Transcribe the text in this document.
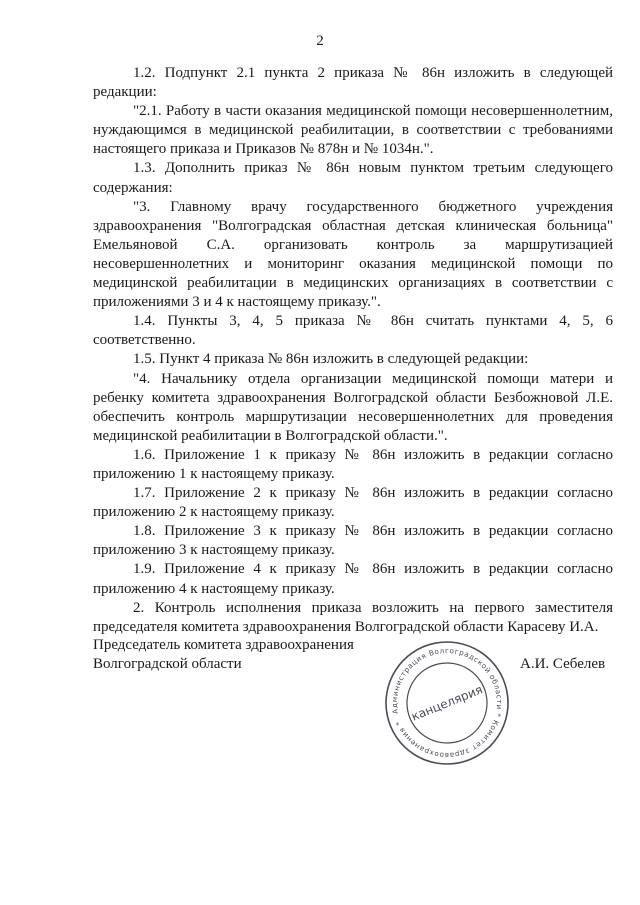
2

1.2. Подпункт 2.1 пункта 2 приказа № 86н изложить в следующей редакции:

"2.1. Работу в части оказания медицинской помощи несовершеннолетним, нуждающимся в медицинской реабилитации, в соответствии с требованиями настоящего приказа и Приказов № 878н и № 1034н.".

1.3. Дополнить приказ № 86н новым пунктом третьим следующего содержания:

"3. Главному врачу государственного бюджетного учреждения здравоохранения "Волгоградская областная детская клиническая больница" Емельяновой С.А. организовать контроль за маршрутизацией несовершеннолетних и мониторинг оказания медицинской помощи по медицинской реабилитации в медицинских организациях в соответствии с приложениями 3 и 4 к настоящему приказу.".

1.4. Пункты 3, 4, 5 приказа № 86н считать пунктами 4, 5, 6 соответственно.

1.5. Пункт 4 приказа № 86н изложить в следующей редакции:

"4. Начальнику отдела организации медицинской помощи матери и ребенку комитета здравоохранения Волгоградской области Безбожновой Л.Е. обеспечить контроль маршрутизации несовершеннолетних для проведения медицинской реабилитации в Волгоградской области.".

1.6. Приложение 1 к приказу № 86н изложить в редакции согласно приложению 1 к настоящему приказу.

1.7. Приложение 2 к приказу № 86н изложить в редакции согласно приложению 2 к настоящему приказу.

1.8. Приложение 3 к приказу № 86н изложить в редакции согласно приложению 3 к настоящему приказу.

1.9. Приложение 4 к приказу № 86н изложить в редакции согласно приложению 4 к настоящему приказу.

2. Контроль исполнения приказа возложить на первого заместителя председателя комитета здравоохранения Волгоградской области Карасеву И.А.

Председатель комитета здравоохранения
Волгоградской области	А.И. Себелев
Администрация Волгоградской области * Комитет здравоохранения * канцелярия
